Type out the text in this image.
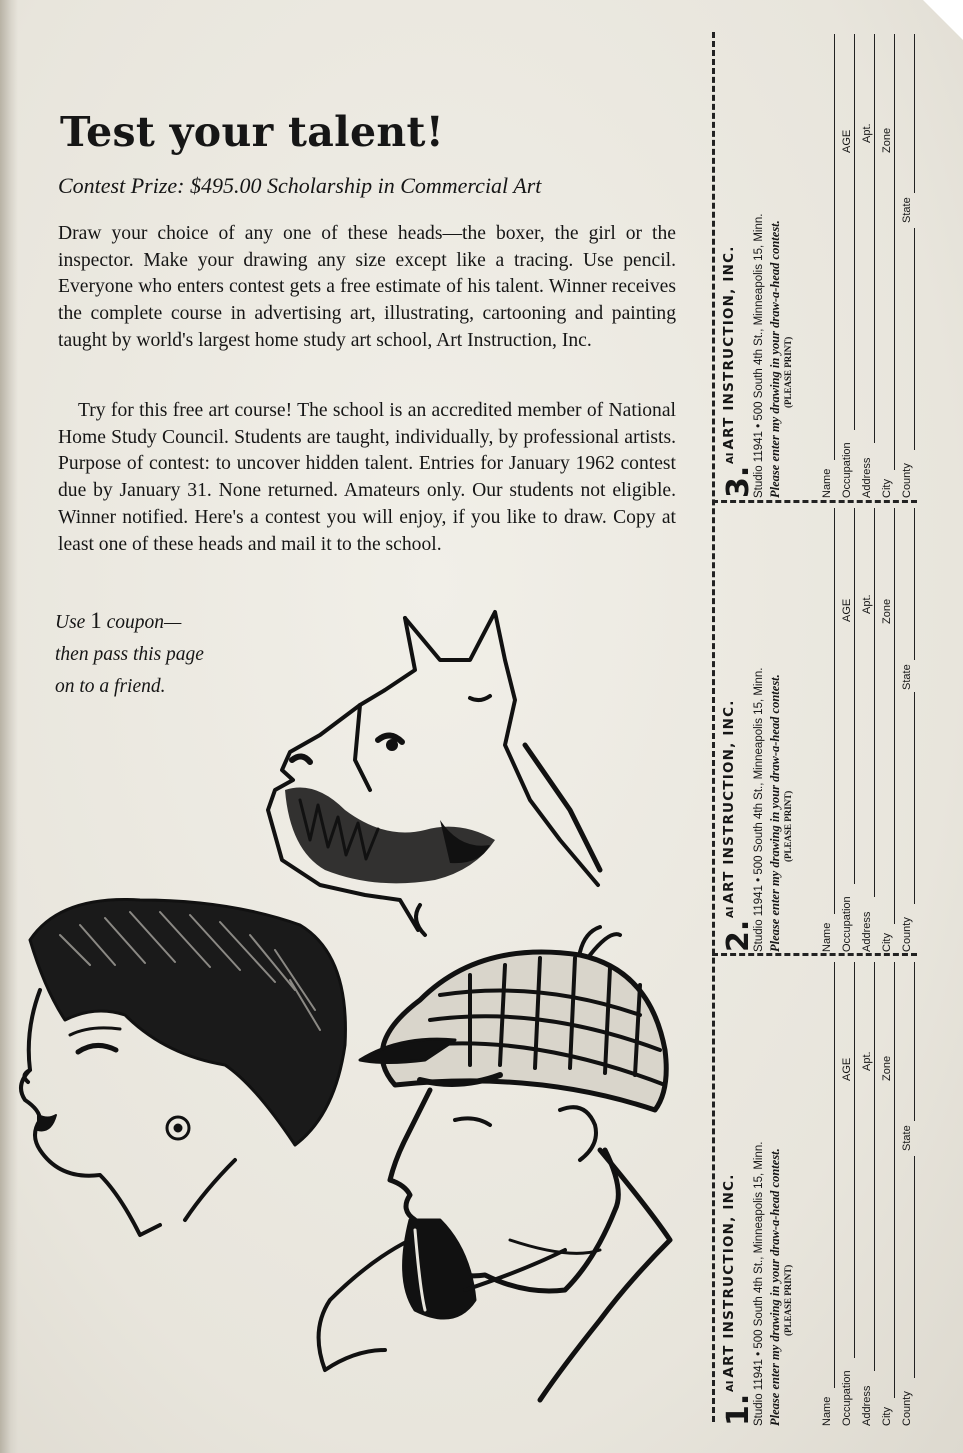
Test your talent!
Contest Prize: $495.00 Scholarship in Commercial Art

Draw your choice of any one of these heads—the boxer, the girl or the inspector. Make your drawing any size except like a tracing. Use pencil. Everyone who enters contest gets a free estimate of his talent. Winner receives the complete course in advertising art, illustrating, cartooning and painting taught by world's largest home study art school, Art Instruction, Inc.

Try for this free art course! The school is an accredited member of National Home Study Council. Students are taught, individually, by professional artists. Purpose of contest: to uncover hidden talent. Entries for January 1962 contest due by January 31. None returned. Amateurs only. Our students not eligible. Winner notified. Here's a contest you will enjoy, if you like to draw. Copy at least one of these heads and mail it to the school.

Use 1 coupon—
then pass this page
on to a friend.
3.
AIART INSTRUCTION, INC. Studio 11941 • 500 South 4th St., Minneapolis 15, Minn. Please enter my drawing in your draw-a-head contest. (PLEASE PRINT)
Name Occupation
AGE
Address
Apt.
City
Zone
County
State
2.
AIART INSTRUCTION, INC. Studio 11941 • 500 South 4th St., Minneapolis 15, Minn. Please enter my drawing in your draw-a-head contest. (PLEASE PRINT)
Name Occupation
AGE
Address
Apt.
City
Zone
County
State
1.
AIART INSTRUCTION, INC. Studio 11941 • 500 South 4th St., Minneapolis 15, Minn. Please enter my drawing in your draw-a-head contest. (PLEASE PRINT)
Name Occupation
AGE
Address
Apt.
City
Zone
County
State
